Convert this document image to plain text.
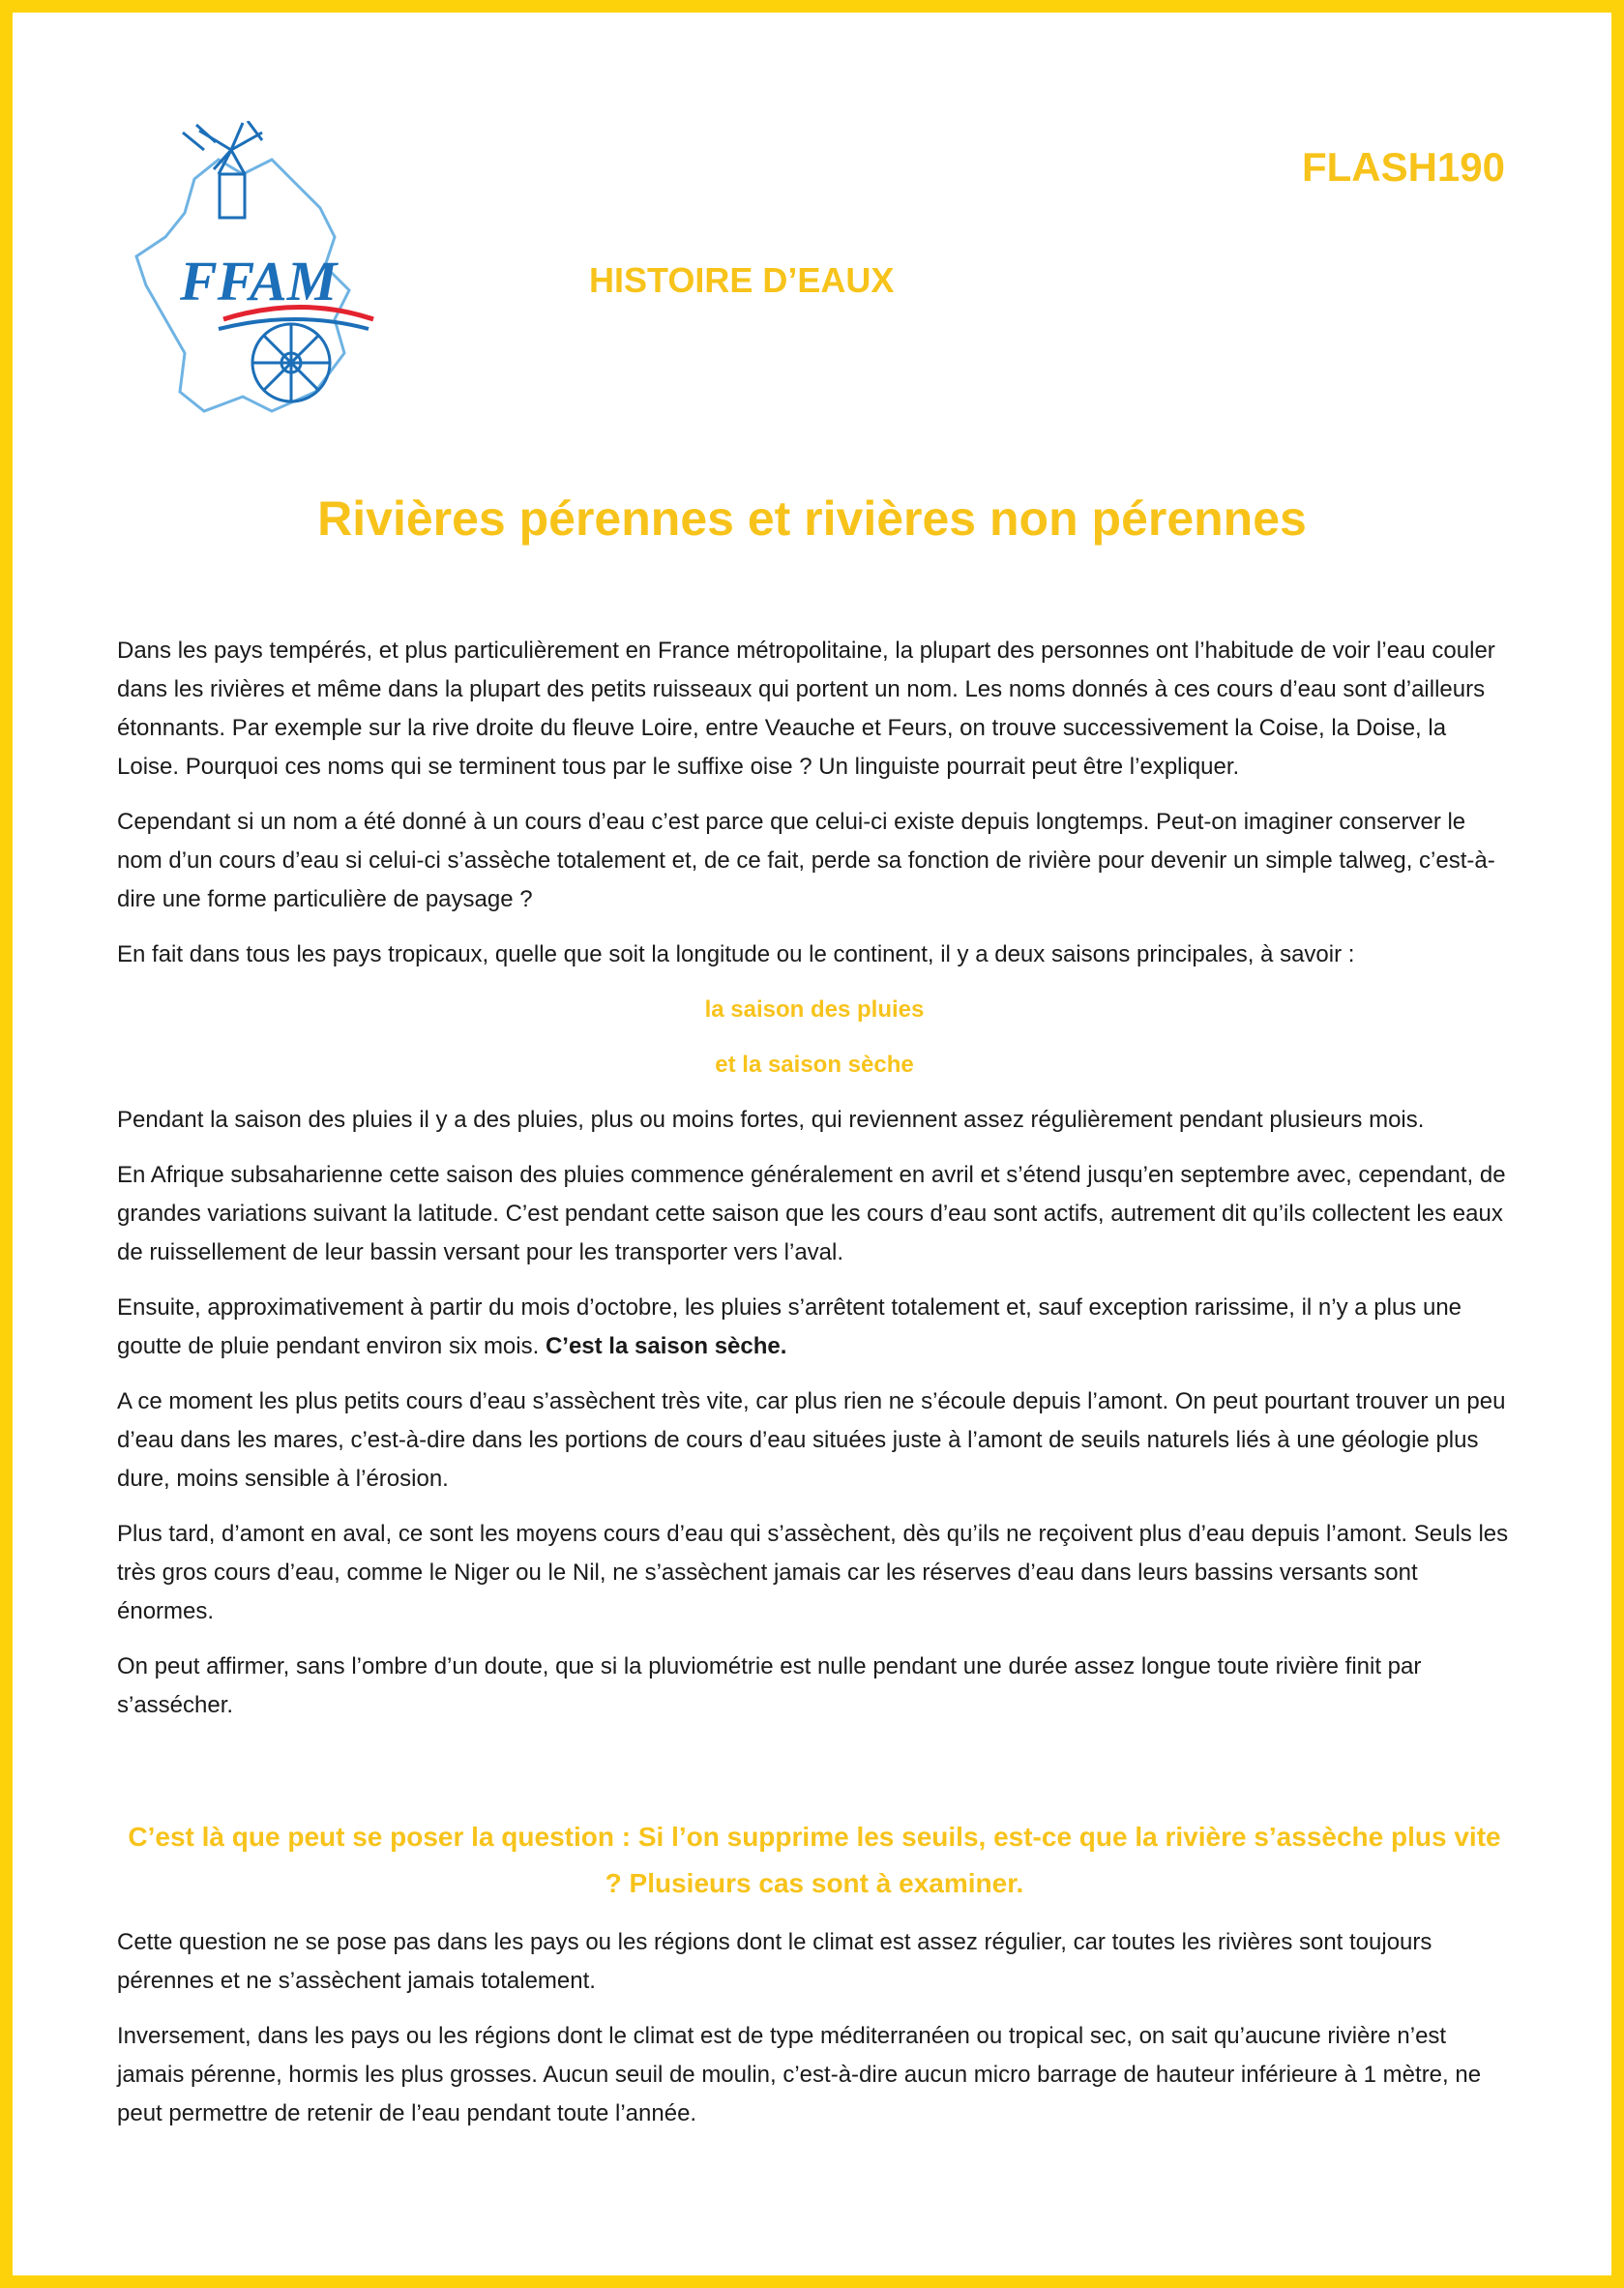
FFAM
FLASH190
HISTOIRE D’EAUX
Rivières pérennes et rivières non pérennes

Dans les pays tempérés, et plus particulièrement en France métropolitaine, la plupart des personnes ont l’habitude de voir l’eau couler dans les rivières et même dans la plupart des petits ruisseaux qui portent un nom. Les noms donnés à ces cours d’eau sont d’ailleurs étonnants. Par exemple sur la rive droite du fleuve Loire, entre Veauche et Feurs, on trouve successivement la Coise, la Doise, la Loise. Pourquoi ces noms qui se terminent tous par le suffixe oise ? Un linguiste pourrait peut être l’expliquer.

Cependant si un nom a été donné à un cours d’eau c’est parce que celui-ci existe depuis longtemps. Peut-on imaginer conserver le nom d’un cours d’eau si celui-ci s’assèche totalement et, de ce fait, perde sa fonction de rivière pour devenir un simple talweg, c’est-à-dire une forme particulière de paysage ?

En fait dans tous les pays tropicaux, quelle que soit la longitude ou le continent, il y a deux saisons principales, à savoir :

la saison des pluies

et la saison sèche

Pendant la saison des pluies il y a des pluies, plus ou moins fortes, qui reviennent assez régulièrement pendant plusieurs mois.

En Afrique subsaharienne cette saison des pluies commence généralement en avril et s’étend jusqu’en septembre avec, cependant, de grandes variations suivant la latitude. C’est pendant cette saison que les cours d’eau sont actifs, autrement dit qu’ils collectent les eaux de ruissellement de leur bassin versant pour les transporter vers l’aval.

Ensuite, approximativement à partir du mois d’octobre, les pluies s’arrêtent totalement et, sauf exception rarissime, il n’y a plus une goutte de pluie pendant environ six mois. C’est la saison sèche.

A ce moment les plus petits cours d’eau s’assèchent très vite, car plus rien ne s’écoule depuis l’amont. On peut pourtant trouver un peu d’eau dans les mares, c’est-à-dire dans les portions de cours d’eau situées juste à l’amont de seuils naturels liés à une géologie plus dure, moins sensible à l’érosion.

Plus tard, d’amont en aval, ce sont les moyens cours d’eau qui s’assèchent, dès qu’ils ne reçoivent plus d’eau depuis l’amont. Seuls les très gros cours d’eau, comme le Niger ou le Nil, ne s’assèchent jamais car les réserves d’eau dans leurs bassins versants sont énormes.

On peut affirmer, sans l’ombre d’un doute, que si la pluviométrie est nulle pendant une durée assez longue toute rivière finit par s’assécher.

C’est là que peut se poser la question : Si l’on supprime les seuils, est-ce que la rivière s’assèche plus vite ? Plusieurs cas sont à examiner.

Cette question ne se pose pas dans les pays ou les régions dont le climat est assez régulier, car toutes les rivières sont toujours pérennes et ne s’assèchent jamais totalement.

Inversement, dans les pays ou les régions dont le climat est de type méditerranéen ou tropical sec, on sait qu’aucune rivière n’est jamais pérenne, hormis les plus grosses. Aucun seuil de moulin, c’est-à-dire aucun micro barrage de hauteur inférieure à 1 mètre, ne peut permettre de retenir de l’eau pendant toute l’année.
